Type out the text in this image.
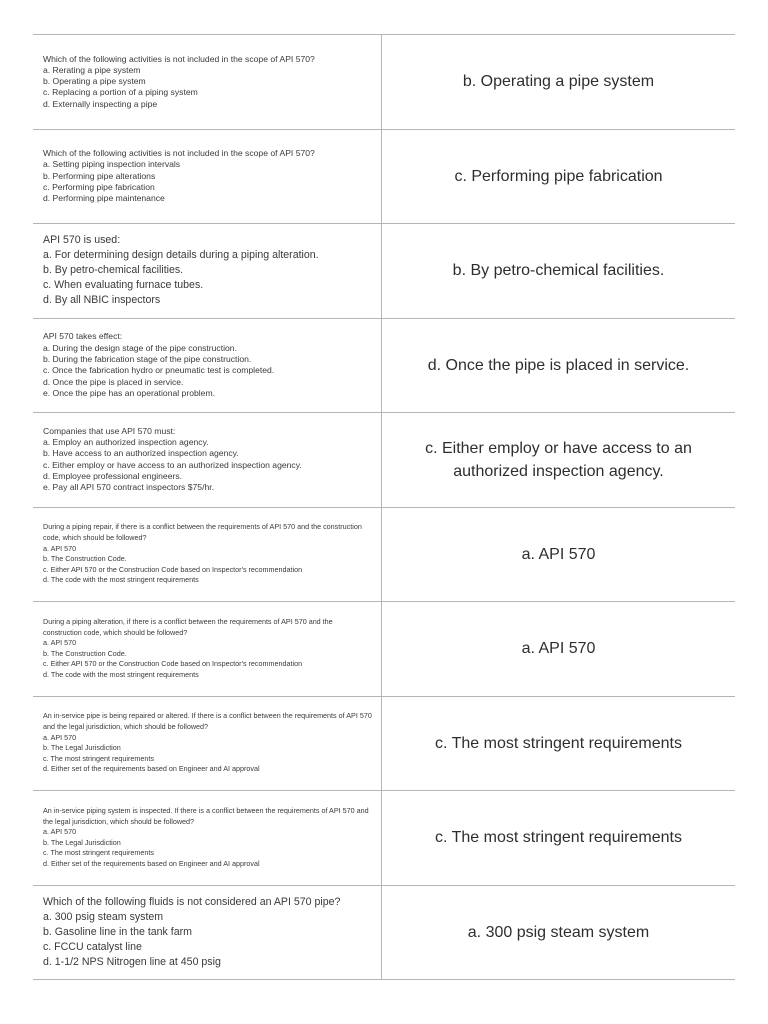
Which of the following activities is not included in the scope of API 570?
a. Rerating a pipe system
b. Operating a pipe system
c. Replacing a portion of a piping system
d. Externally inspecting a pipe
b. Operating a pipe system
Which of the following activities is not included in the scope of API 570?
a. Setting piping inspection intervals
b. Performing pipe alterations
c. Performing pipe fabrication
d. Performing pipe maintenance
c. Performing pipe fabrication
API 570 is used:
a. For determining design details during a piping alteration.
b. By petro-chemical facilities.
c. When evaluating furnace tubes.
d. By all NBIC inspectors
b. By petro-chemical facilities.
API 570 takes effect:
a. During the design stage of the pipe construction.
b. During the fabrication stage of the pipe construction.
c. Once the fabrication hydro or pneumatic test is completed.
d. Once the pipe is placed in service.
e. Once the pipe has an operational problem.
d. Once the pipe is placed in service.
Companies that use API 570 must:
a. Employ an authorized inspection agency.
b. Have access to an authorized inspection agency.
c. Either employ or have access to an authorized inspection agency.
d. Employee professional engineers.
e. Pay all API 570 contract inspectors $75/hr.
c. Either employ or have access to an authorized inspection agency.
During a piping repair, if there is a conflict between the requirements of API 570 and the construction code, which should be followed?
a. API 570
b. The Construction Code.
c. Either API 570 or the Construction Code based on Inspector's recommendation
d. The code with the most stringent requirements
a. API 570
During a piping alteration, if there is a conflict between the requirements of API 570 and the construction code, which should be followed?
a. API 570
b. The Construction Code.
c. Either API 570 or the Construction Code based on Inspector's recommendation
d. The code with the most stringent requirements
a. API 570
An in-service pipe is being repaired or altered. If there is a conflict between the requirements of API 570 and the legal jurisdiction, which should be followed?
a. API 570
b. The Legal Jurisdiction
c. The most stringent requirements
d. Either set of the requirements based on Engineer and AI approval
c. The most stringent requirements
An in-service piping system is inspected. If there is a conflict between the requirements of API 570 and the legal jurisdiction, which should be followed?
a. API 570
b. The Legal Jurisdiction
c. The most stringent requirements
d. Either set of the requirements based on Engineer and AI approval
c. The most stringent requirements
Which of the following fluids is not considered an API 570 pipe?
a. 300 psig steam system
b. Gasoline line in the tank farm
c. FCCU catalyst line
d. 1-1/2 NPS Nitrogen line at 450 psig
a. 300 psig steam system
